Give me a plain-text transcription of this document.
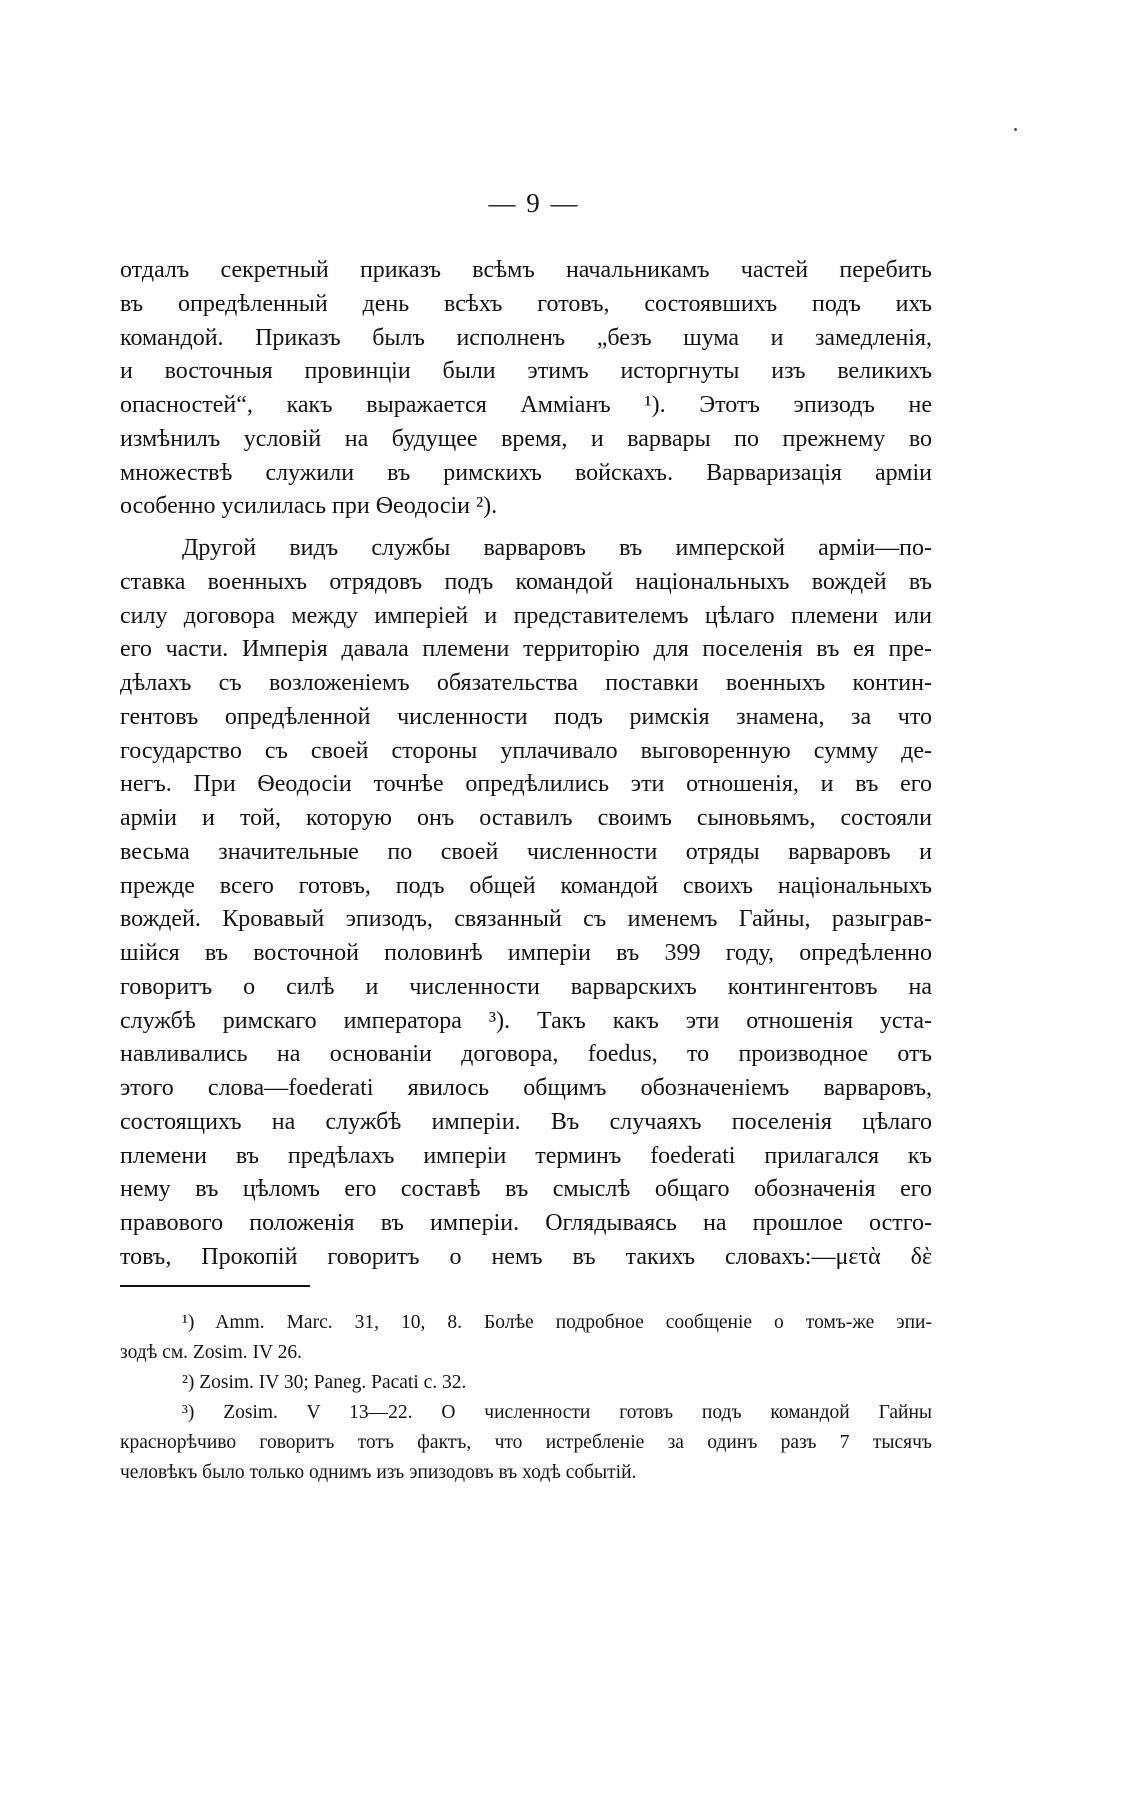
— 9 —
отдалъ секретный приказъ всѣмъ начальникамъ частей перебить
въ опредѣленный день всѣхъ готовъ, состоявшихъ подъ ихъ
командой. Приказъ былъ исполненъ „безъ шума и замедленія,
и восточныя провинціи были этимъ исторгнуты изъ великихъ
опасностей“, какъ выражается Амміанъ ¹). Этотъ эпизодъ не
измѣнилъ условій на будущее время, и варвары по прежнему во
множествѣ служили въ римскихъ войскахъ. Варваризація арміи
особенно усилилась при Ѳеодосіи ²).
Другой видъ службы варваровъ въ имперской арміи—по-
ставка военныхъ отрядовъ подъ командой національныхъ вождей въ
силу договора между имперіей и представителемъ цѣлаго племени или
его части. Имперія давала племени территорію для поселенія въ ея пре-
дѣлахъ съ возложеніемъ обязательства поставки военныхъ контин-
гентовъ опредѣленной численности подъ римскія знамена, за что
государство съ своей стороны уплачивало выговоренную сумму де-
негъ. При Ѳеодосіи точнѣе опредѣлились эти отношенія, и въ его
арміи и той, которую онъ оставилъ своимъ сыновьямъ, состояли
весьма значительные по своей численности отряды варваровъ и
прежде всего готовъ, подъ общей командой своихъ національныхъ
вождей. Кровавый эпизодъ, связанный съ именемъ Гайны, разыграв-
шійся въ восточной половинѣ имперіи въ 399 году, опредѣленно
говоритъ о силѣ и численности варварскихъ контингентовъ на
службѣ римскаго императора ³). Такъ какъ эти отношенія уста-
навливались на основаніи договора, foedus, то производное отъ
этого слова—foederati явилось общимъ обозначеніемъ варваровъ,
состоящихъ на службѣ имперіи. Въ случаяхъ поселенія цѣлаго
племени въ предѣлахъ имперіи терминъ foederati прилагался къ
нему въ цѣломъ его составѣ въ смыслѣ общаго обозначенія его
правового положенія въ имперіи. Оглядываясь на прошлое остго-
товъ, Прокопій говоритъ о немъ въ такихъ словахъ:—μετὰ δὲ
¹) Amm. Marc. 31, 10, 8. Болѣе подробное сообщеніе о томъ-же эпи-
зодѣ см. Zosim. IV 26.
²) Zosim. IV 30; Paneg. Pacati c. 32.
³) Zosim. V 13—22. О численности готовъ подъ командой Гайны
краснорѣчиво говоритъ тотъ фактъ, что истребленіе за одинъ разъ 7 тысячъ
человѣкъ было только однимъ изъ эпизодовъ въ ходѣ событій.
